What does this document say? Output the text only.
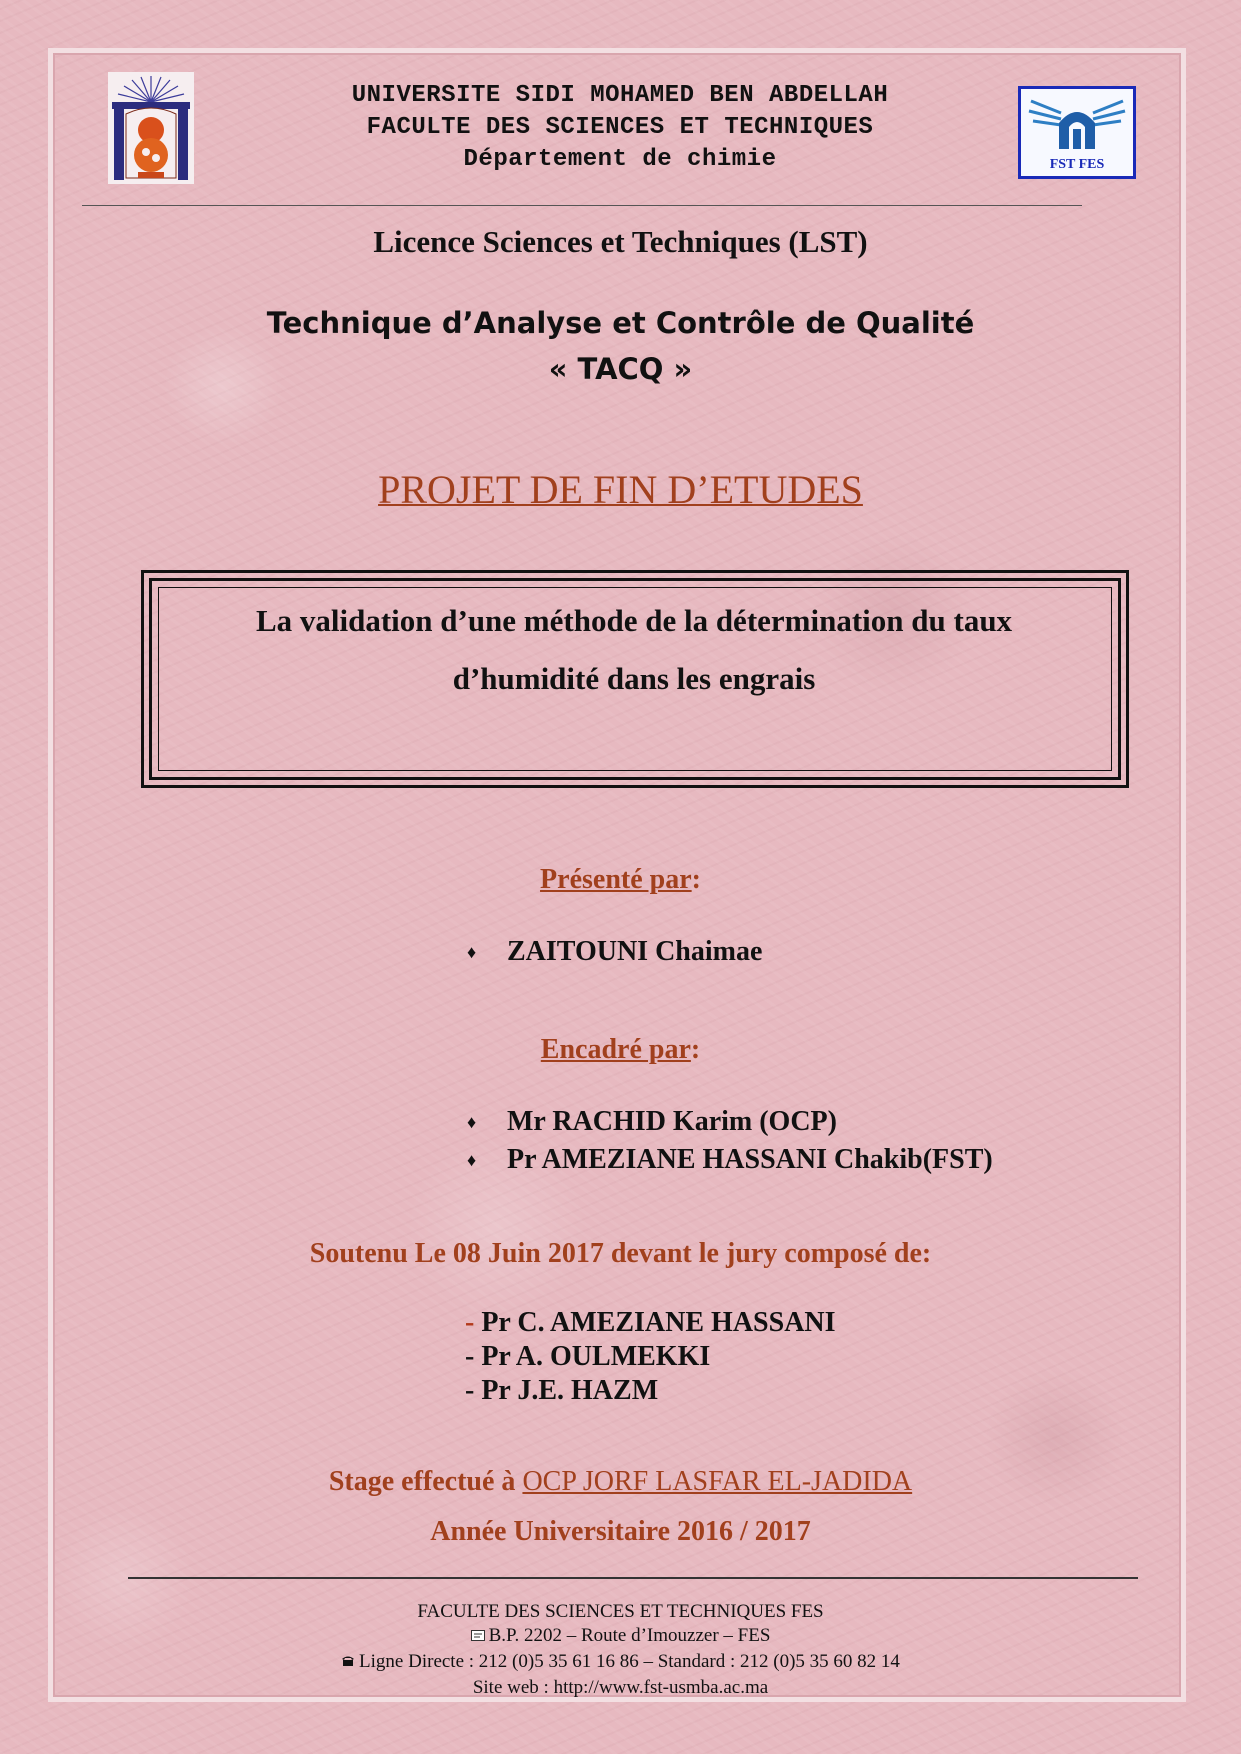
FST FES
UNIVERSITE SIDI MOHAMED BEN ABDELLAH
FACULTE DES SCIENCES ET TECHNIQUES
Département de chimie
Licence Sciences et Techniques (LST)
Technique d’Analyse et Contrôle de Qualité
« TACQ »
PROJET DE FIN D’ETUDES
La validation d’une méthode de la détermination du taux
d’humidité dans les engrais
Présenté par:
♦ ZAITOUNI Chaimae
Encadré par:
♦ Mr RACHID Karim (OCP)
♦ Pr AMEZIANE HASSANI Chakib(FST)
Soutenu Le 08 Juin 2017 devant le jury composé de:
- Pr C. AMEZIANE HASSANI
- Pr A. OULMEKKI
- Pr J.E. HAZM
Stage effectué à OCP JORF LASFAR EL-JADIDA
Année Universitaire 2016 / 2017
FACULTE DES SCIENCES ET TECHNIQUES FES
B.P. 2202 – Route d’Imouzzer – FES
Ligne Directe : 212 (0)5 35 61 16 86 – Standard : 212 (0)5 35 60 82 14
Site web : http://www.fst-usmba.ac.ma
